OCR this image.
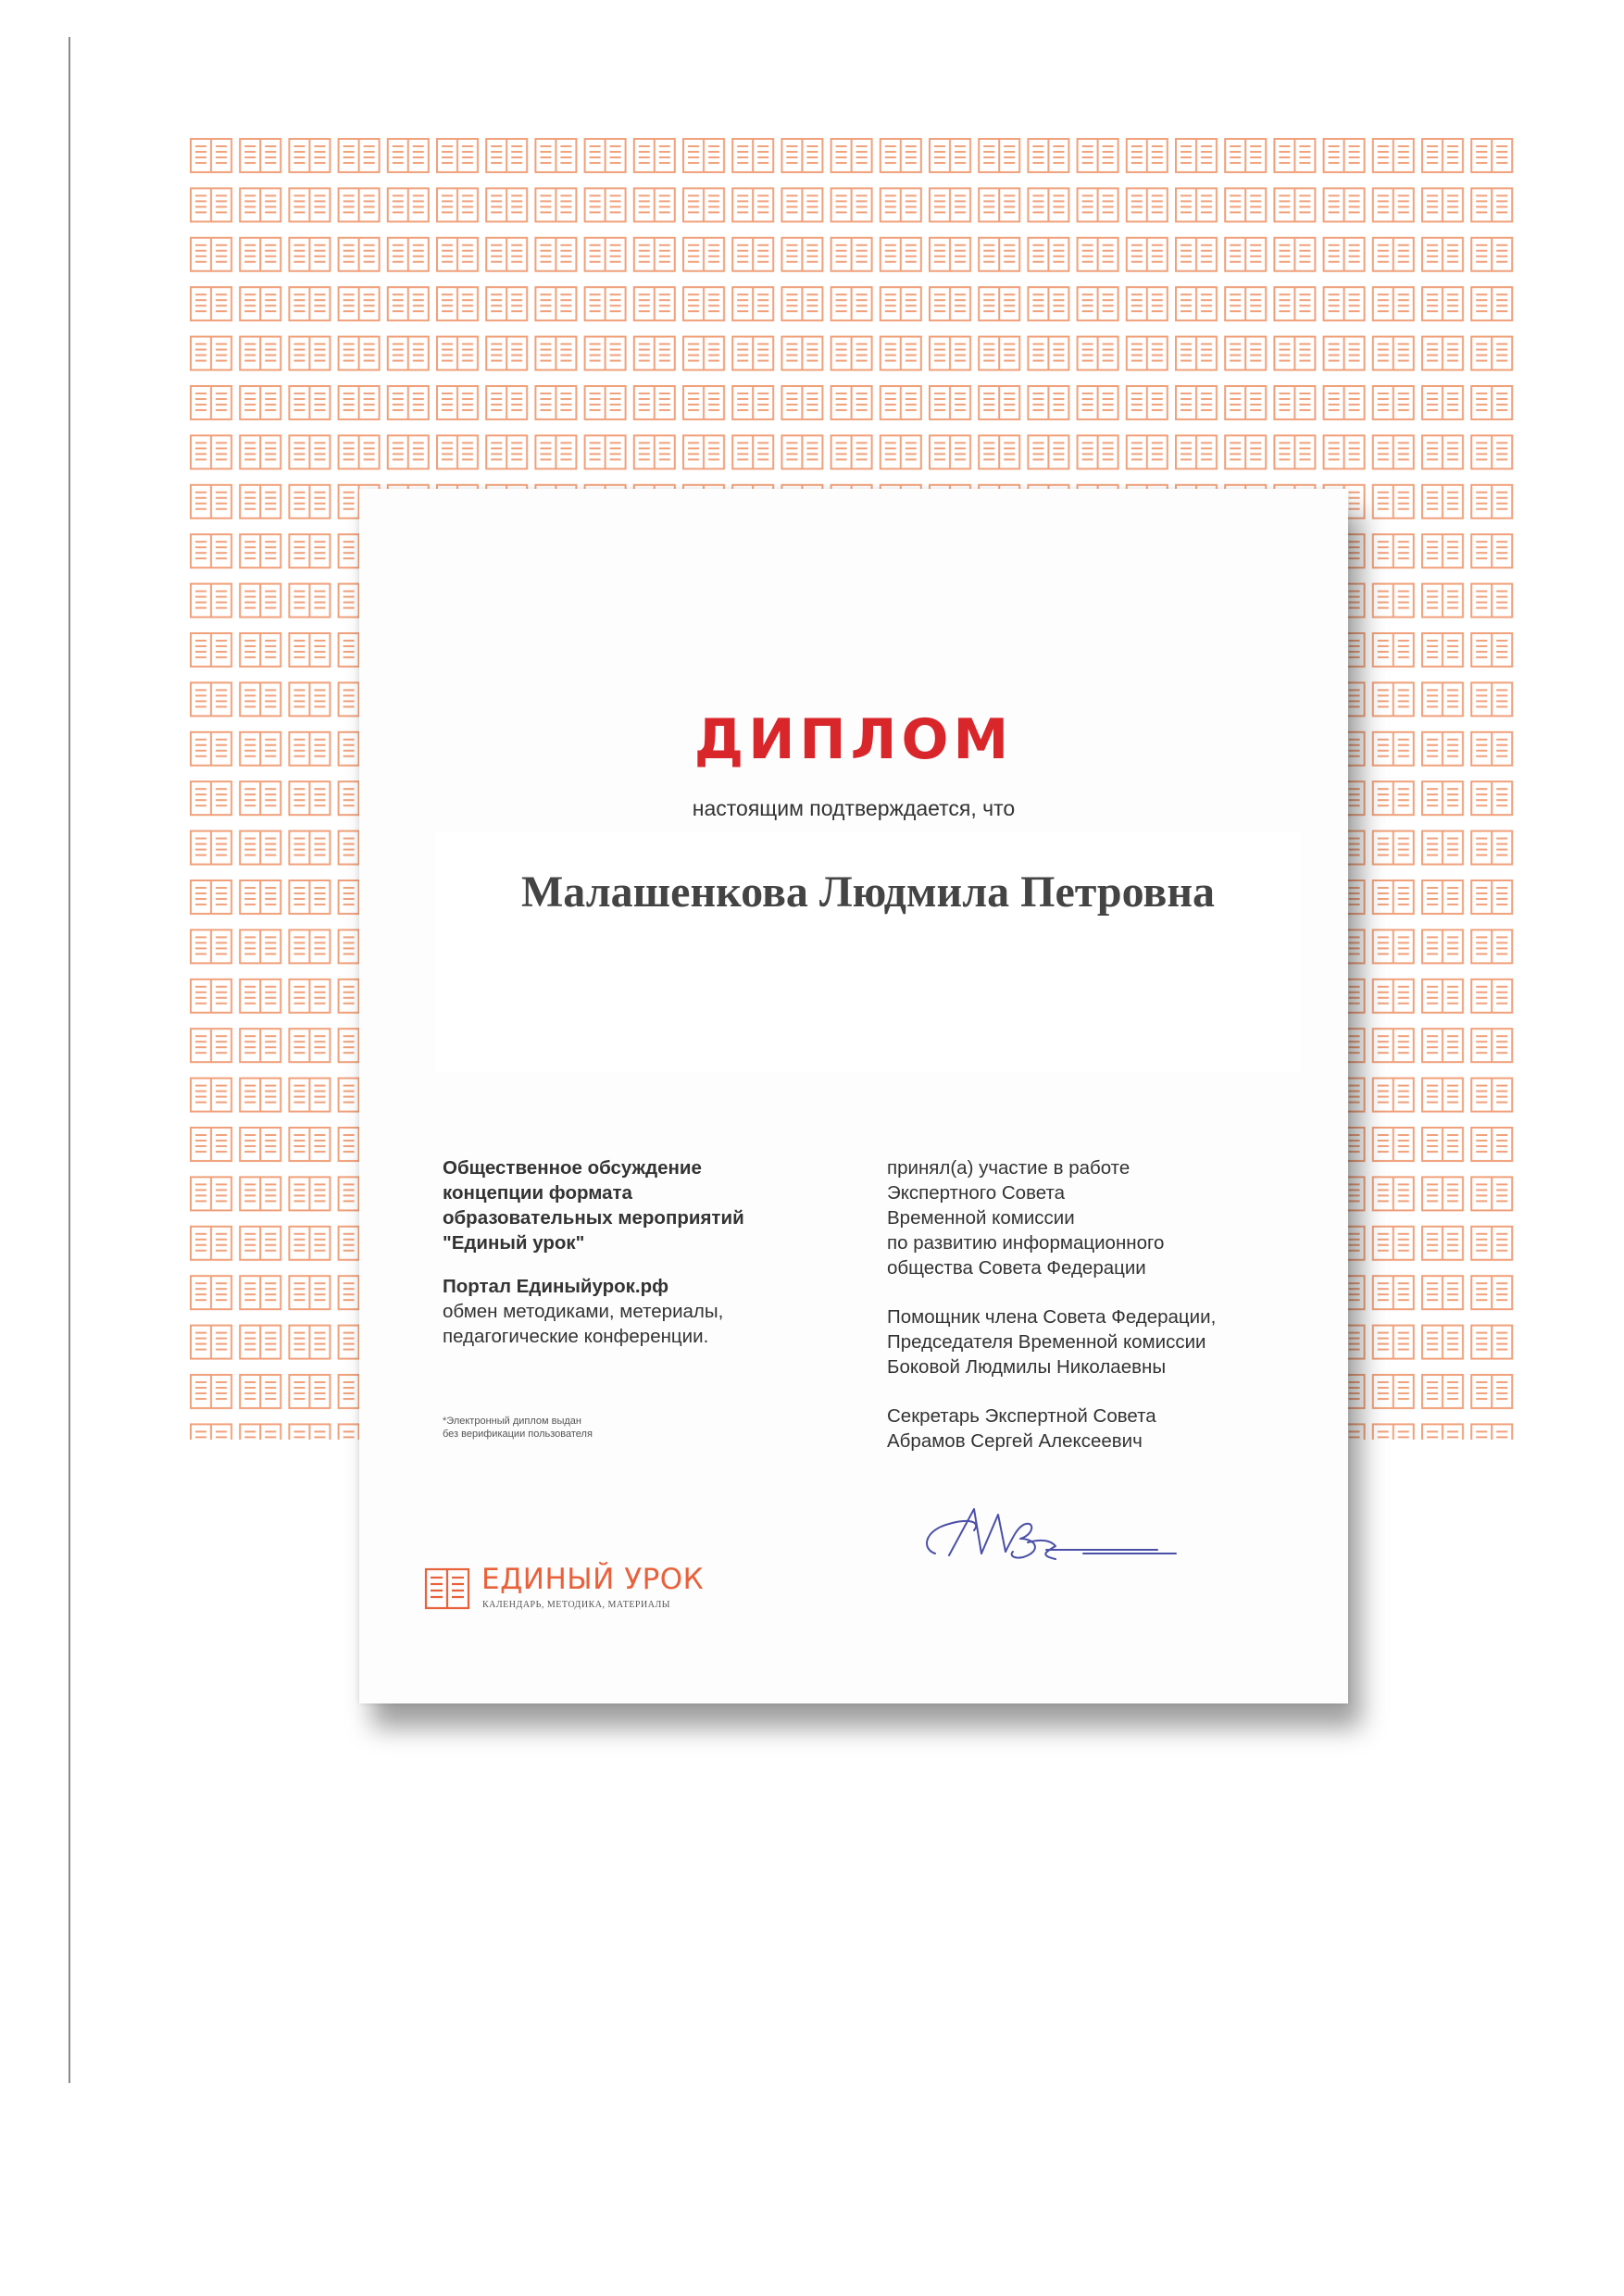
ДИПЛОМ
настоящим подтверждается, что
Малашенкова Людмила Петровна
Общественное обсуждение
концепции формата
образовательных мероприятий
"Единый урок"
Портал Единыйурок.рф
обмен методиками, метериалы,
педагогические конференции.
*Электронный диплом выдан
без верификации пользователя
принял(а) участие в работе
Экспертного Совета
Временной комиссии
по развитию информационного
общества Совета Федерации
Помощник члена Совета Федерации,
Председателя Временной комиссии
Боковой Людмилы Николаевны
Секретарь Экспертной Совета
Абрамов Сергей Алексеевич
ЕДИНЫЙ УРОК
КАЛЕНДАРЬ, МЕТОДИКА, МАТЕРИАЛЫ
